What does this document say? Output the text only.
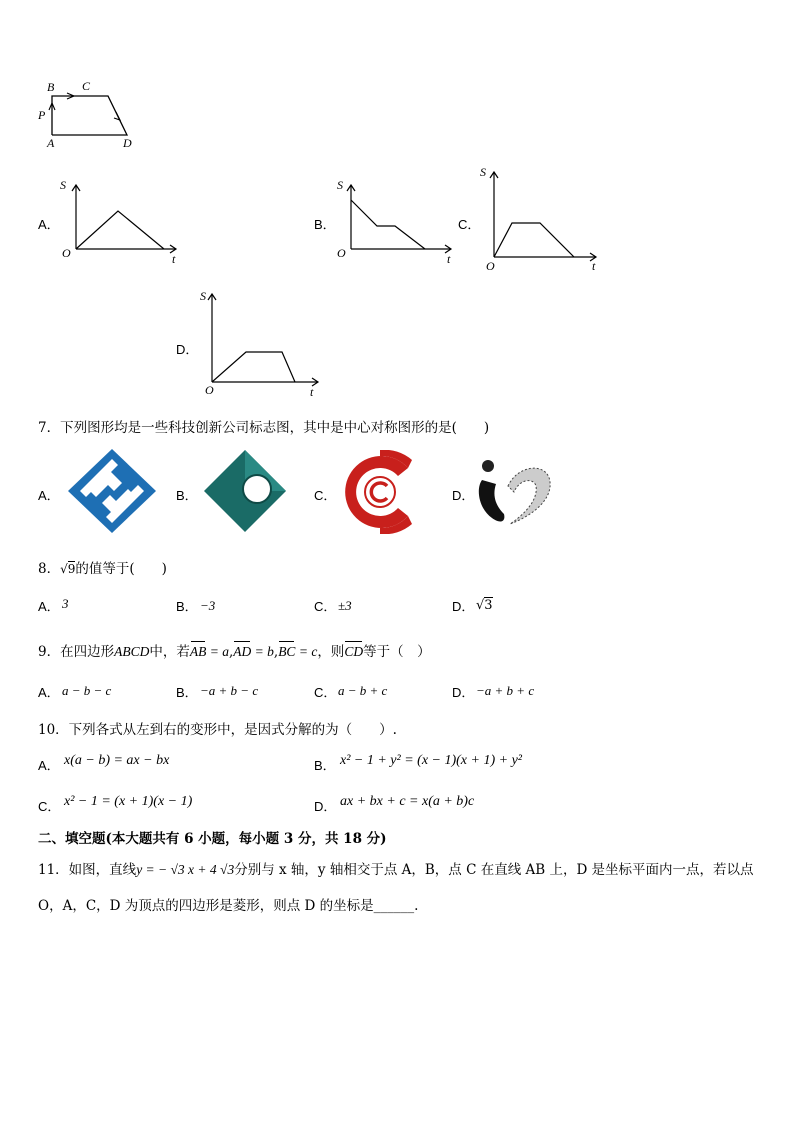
B C
P
A	D
A．
S
O	t
B．
S
O	t
C．
S
O	t
D．
S
O	t
7．下列图形均是一些科技创新公司标志图，其中是中心对称图形的是(　　)
A．	B．	C．	D．
8．√9的值等于(　　)
A． 3	B． −3	C． ±3	D． √3
9．在四边形ABCD中，若AB = a,AD = b,BC = c，则CD等于（　）
A． a − b − c	B． −a + b − c	C． a − b + c	D． −a + b + c
10．下列各式从左到右的变形中，是因式分解的为（　　）.
A． x(a − b) = ax − bx	B． x² − 1 + y² = (x − 1)(x + 1) + y²
C． x² − 1 = (x + 1)(x − 1)	D． ax + bx + c = x(a + b)c
二、填空题(本大题共有 6 小题，每小题 3 分，共 18 分)
11．如图，直线y = − √3 x + 4 √3分别与 x 轴，y 轴相交于点 A，B，点 C 在直线 AB 上，D 是坐标平面内一点，若以点
O，A，C，D 为顶点的四边形是菱形，则点 D 的坐标是______.
